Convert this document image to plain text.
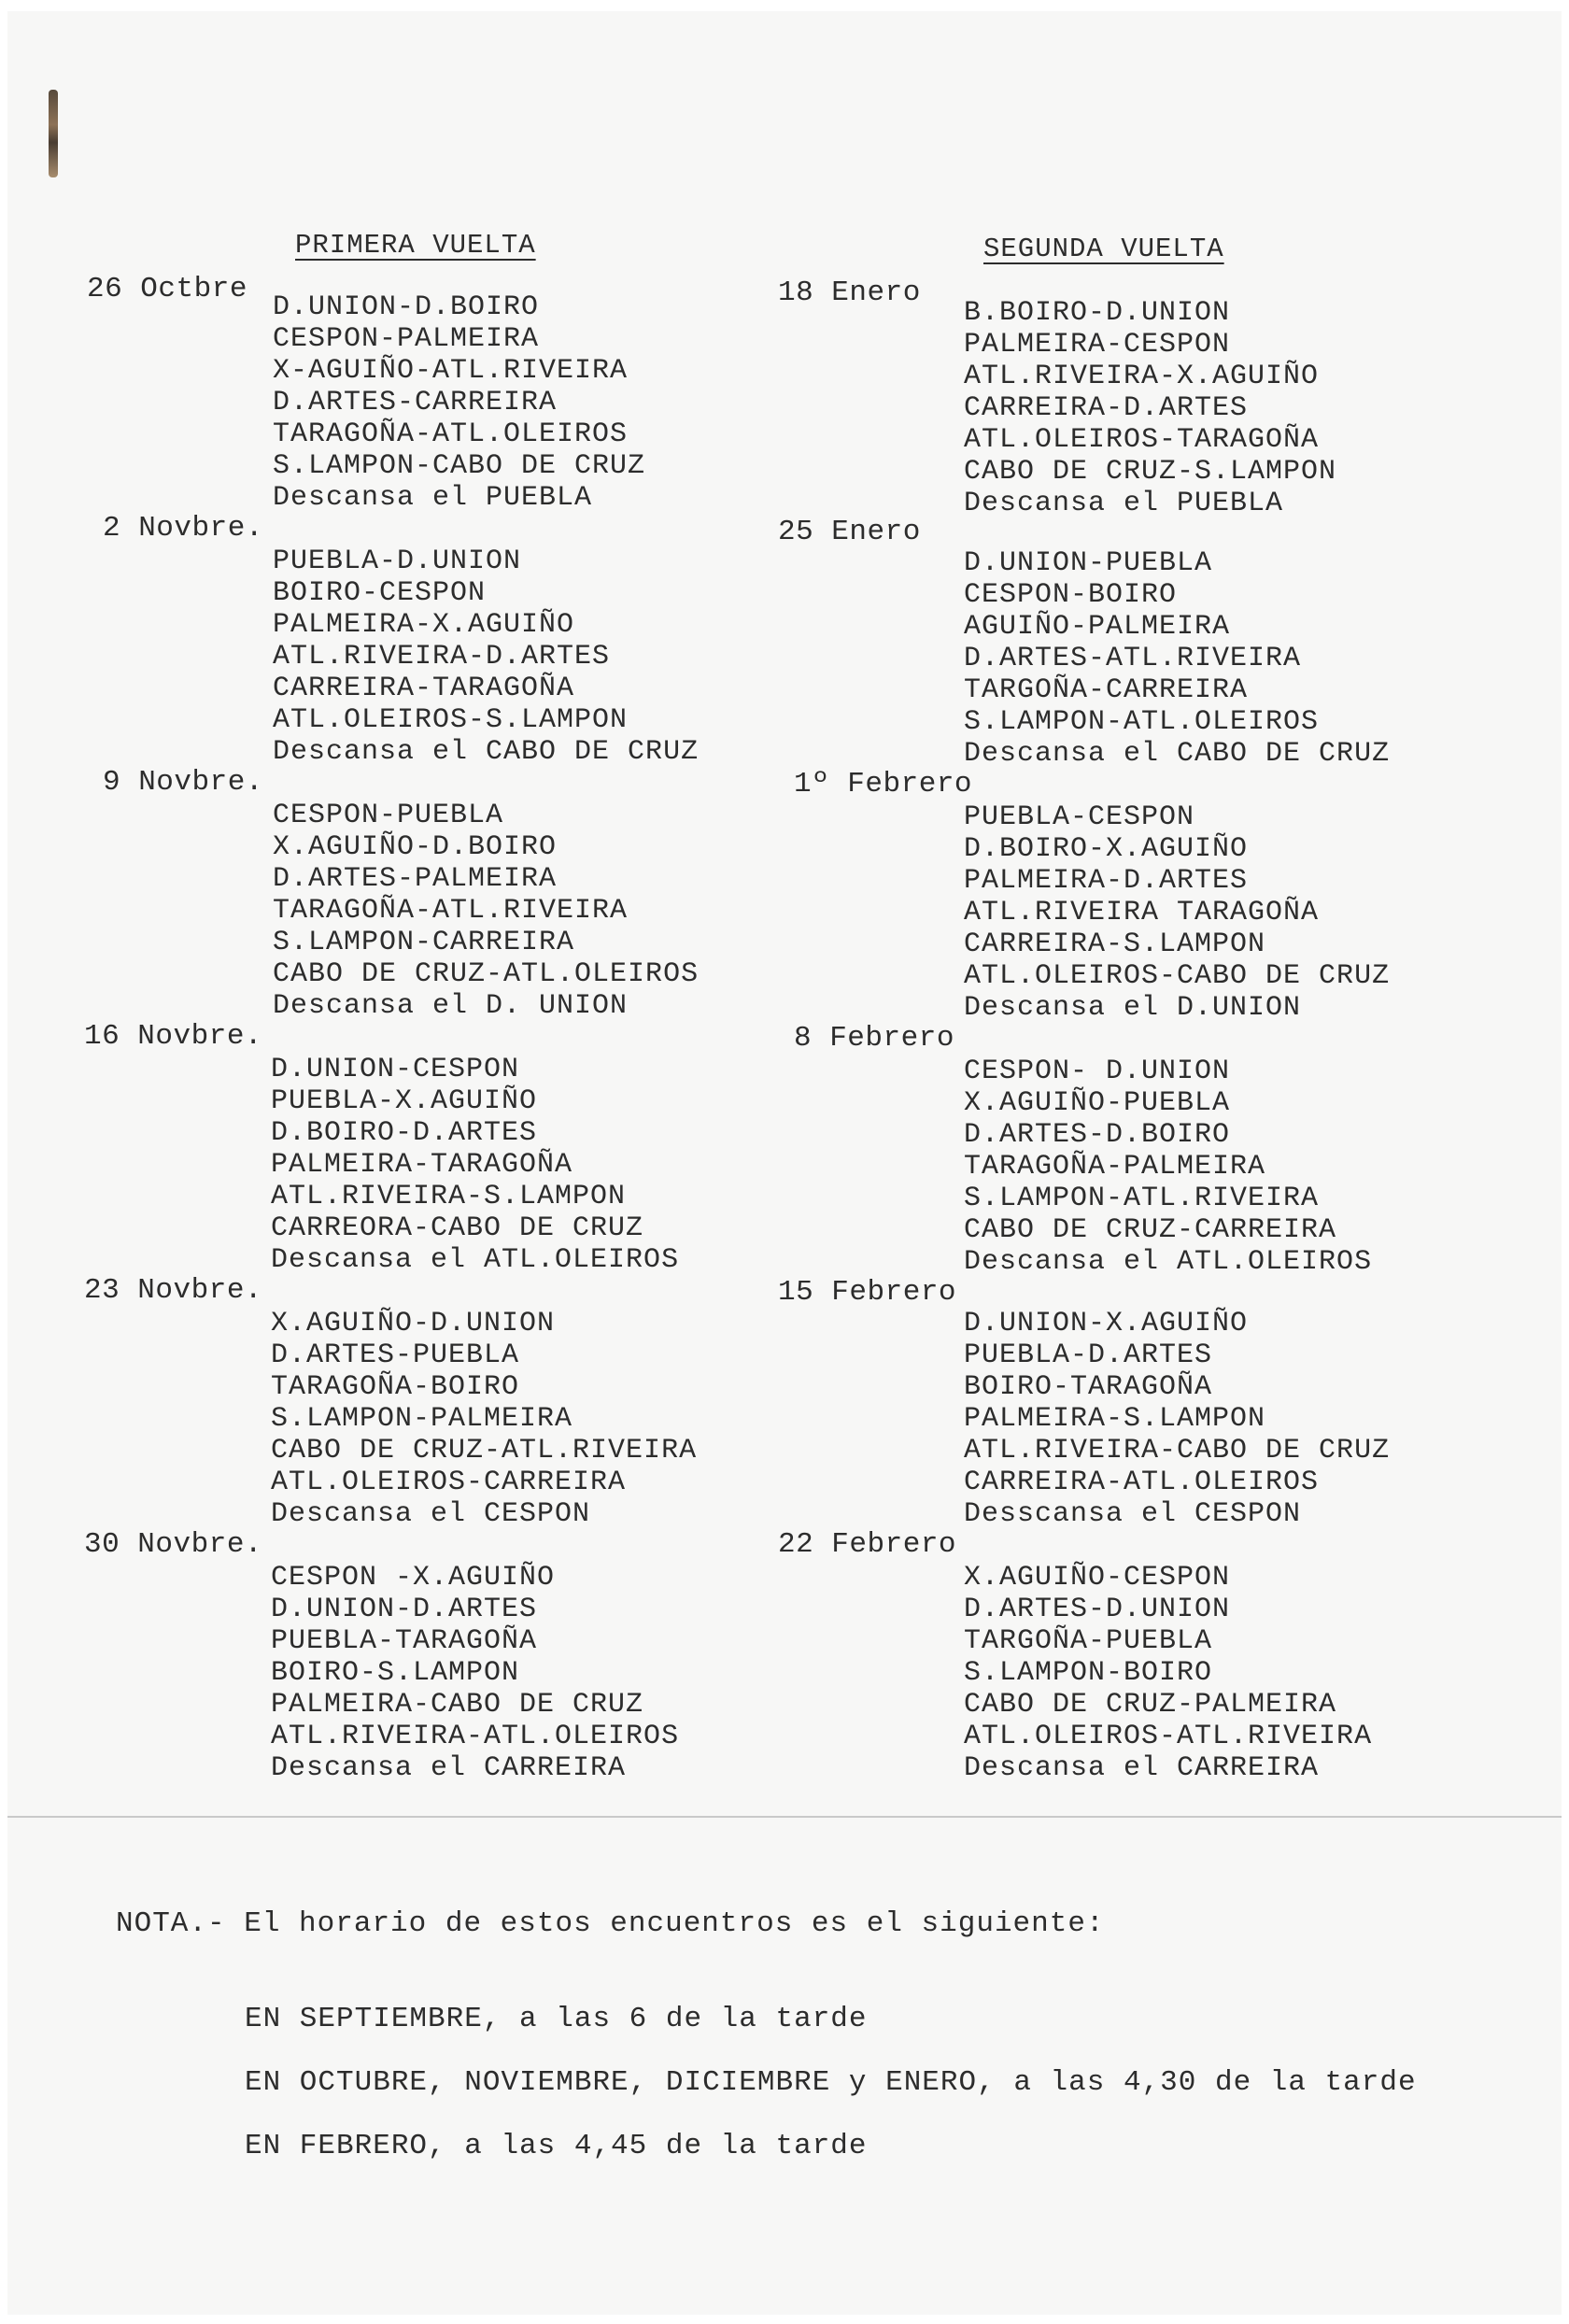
PRIMERA VUELTA	SEGUNDA VUELTA
26 Octbre
D.UNION-D.BOIRO
CESPON-PALMEIRA
X-AGUIÑO-ATL.RIVEIRA
D.ARTES-CARREIRA
TARAGOÑA-ATL.OLEIROS
S.LAMPON-CABO DE CRUZ
Descansa el PUEBLA
2 Novbre.
PUEBLA-D.UNION
BOIRO-CESPON
PALMEIRA-X.AGUIÑO
ATL.RIVEIRA-D.ARTES
CARREIRA-TARAGOÑA
ATL.OLEIROS-S.LAMPON
Descansa el CABO DE CRUZ
9 Novbre.
CESPON-PUEBLA
X.AGUIÑO-D.BOIRO
D.ARTES-PALMEIRA
TARAGOÑA-ATL.RIVEIRA
S.LAMPON-CARREIRA
CABO DE CRUZ-ATL.OLEIROS
Descansa el D. UNION
16 Novbre.
D.UNION-CESPON
PUEBLA-X.AGUIÑO
D.BOIRO-D.ARTES
PALMEIRA-TARAGOÑA
ATL.RIVEIRA-S.LAMPON
CARREORA-CABO DE CRUZ
Descansa el ATL.OLEIROS
23 Novbre.
X.AGUIÑO-D.UNION
D.ARTES-PUEBLA
TARAGOÑA-BOIRO
S.LAMPON-PALMEIRA
CABO DE CRUZ-ATL.RIVEIRA
ATL.OLEIROS-CARREIRA
Descansa el CESPON
30 Novbre.
CESPON -X.AGUIÑO
D.UNION-D.ARTES
PUEBLA-TARAGOÑA
BOIRO-S.LAMPON
PALMEIRA-CABO DE CRUZ
ATL.RIVEIRA-ATL.OLEIROS
Descansa el CARREIRA
18 Enero
B.BOIRO-D.UNION
PALMEIRA-CESPON
ATL.RIVEIRA-X.AGUIÑO
CARREIRA-D.ARTES
ATL.OLEIROS-TARAGOÑA
CABO DE CRUZ-S.LAMPON
Descansa el PUEBLA
25 Enero
D.UNION-PUEBLA
CESPON-BOIRO
AGUIÑO-PALMEIRA
D.ARTES-ATL.RIVEIRA
TARGOÑA-CARREIRA
S.LAMPON-ATL.OLEIROS
Descansa el CABO DE CRUZ
1º Febrero
PUEBLA-CESPON
D.BOIRO-X.AGUIÑO
PALMEIRA-D.ARTES
ATL.RIVEIRA TARAGOÑA
CARREIRA-S.LAMPON
ATL.OLEIROS-CABO DE CRUZ
Descansa el D.UNION
8 Febrero
CESPON- D.UNION
X.AGUIÑO-PUEBLA
D.ARTES-D.BOIRO
TARAGOÑA-PALMEIRA
S.LAMPON-ATL.RIVEIRA
CABO DE CRUZ-CARREIRA
Descansa el ATL.OLEIROS
15 Febrero
D.UNION-X.AGUIÑO
PUEBLA-D.ARTES
BOIRO-TARAGOÑA
PALMEIRA-S.LAMPON
ATL.RIVEIRA-CABO DE CRUZ
CARREIRA-ATL.OLEIROS
Desscansa el CESPON
22 Febrero
X.AGUIÑO-CESPON
D.ARTES-D.UNION
TARGOÑA-PUEBLA
S.LAMPON-BOIRO
CABO DE CRUZ-PALMEIRA
ATL.OLEIROS-ATL.RIVEIRA
Descansa el CARREIRA
NOTA.- El horario de estos encuentros es el siguiente:
EN SEPTIEMBRE, a las 6 de la tarde
EN OCTUBRE, NOVIEMBRE, DICIEMBRE y ENERO, a las 4,30 de la tarde
EN FEBRERO, a las 4,45 de la tarde
